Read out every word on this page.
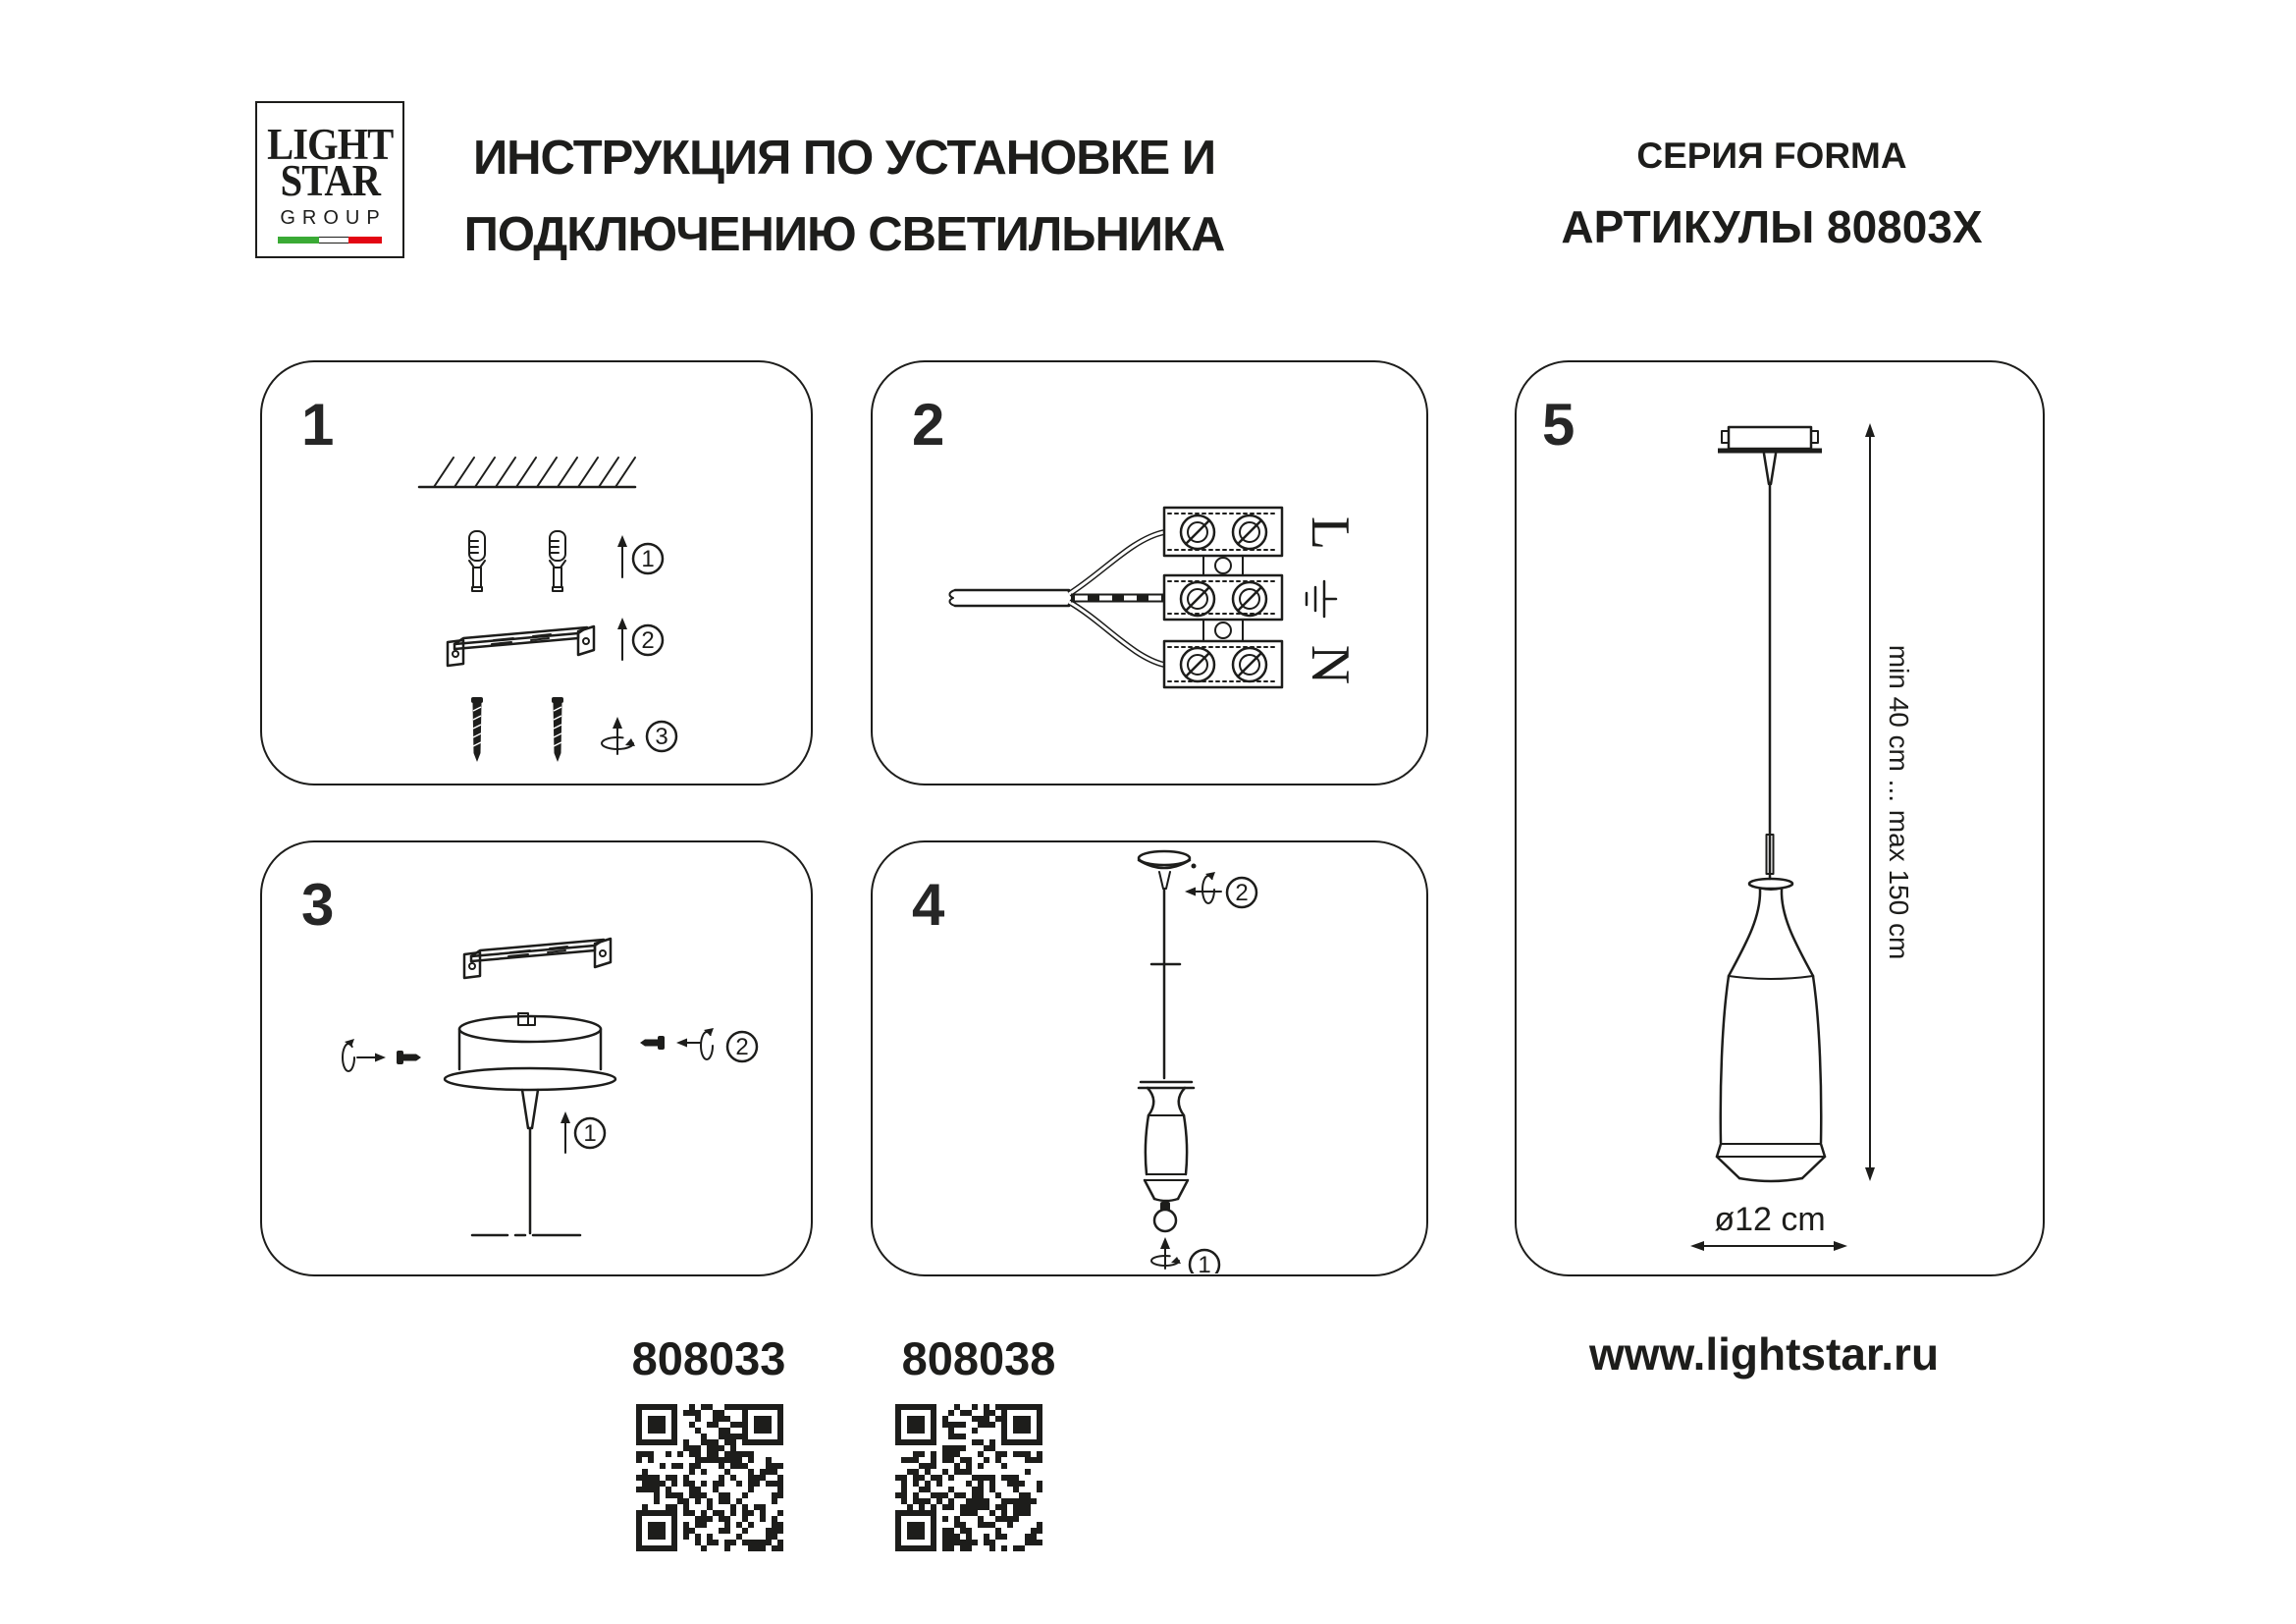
LIGHT
STAR
GROUP
ИНСТРУКЦИЯ ПО УСТАНОВКЕ И
ПОДКЛЮЧЕНИЮ СВЕТИЛЬНИКА
СЕРИЯ FORMA
АРТИКУЛЫ 80803X
1
1
2
3
2
L
N
3
2
1
4	2
1
5
min 40 cm ... max 150 cm
ø12 cm
808033	808038	www.lightstar.ru
